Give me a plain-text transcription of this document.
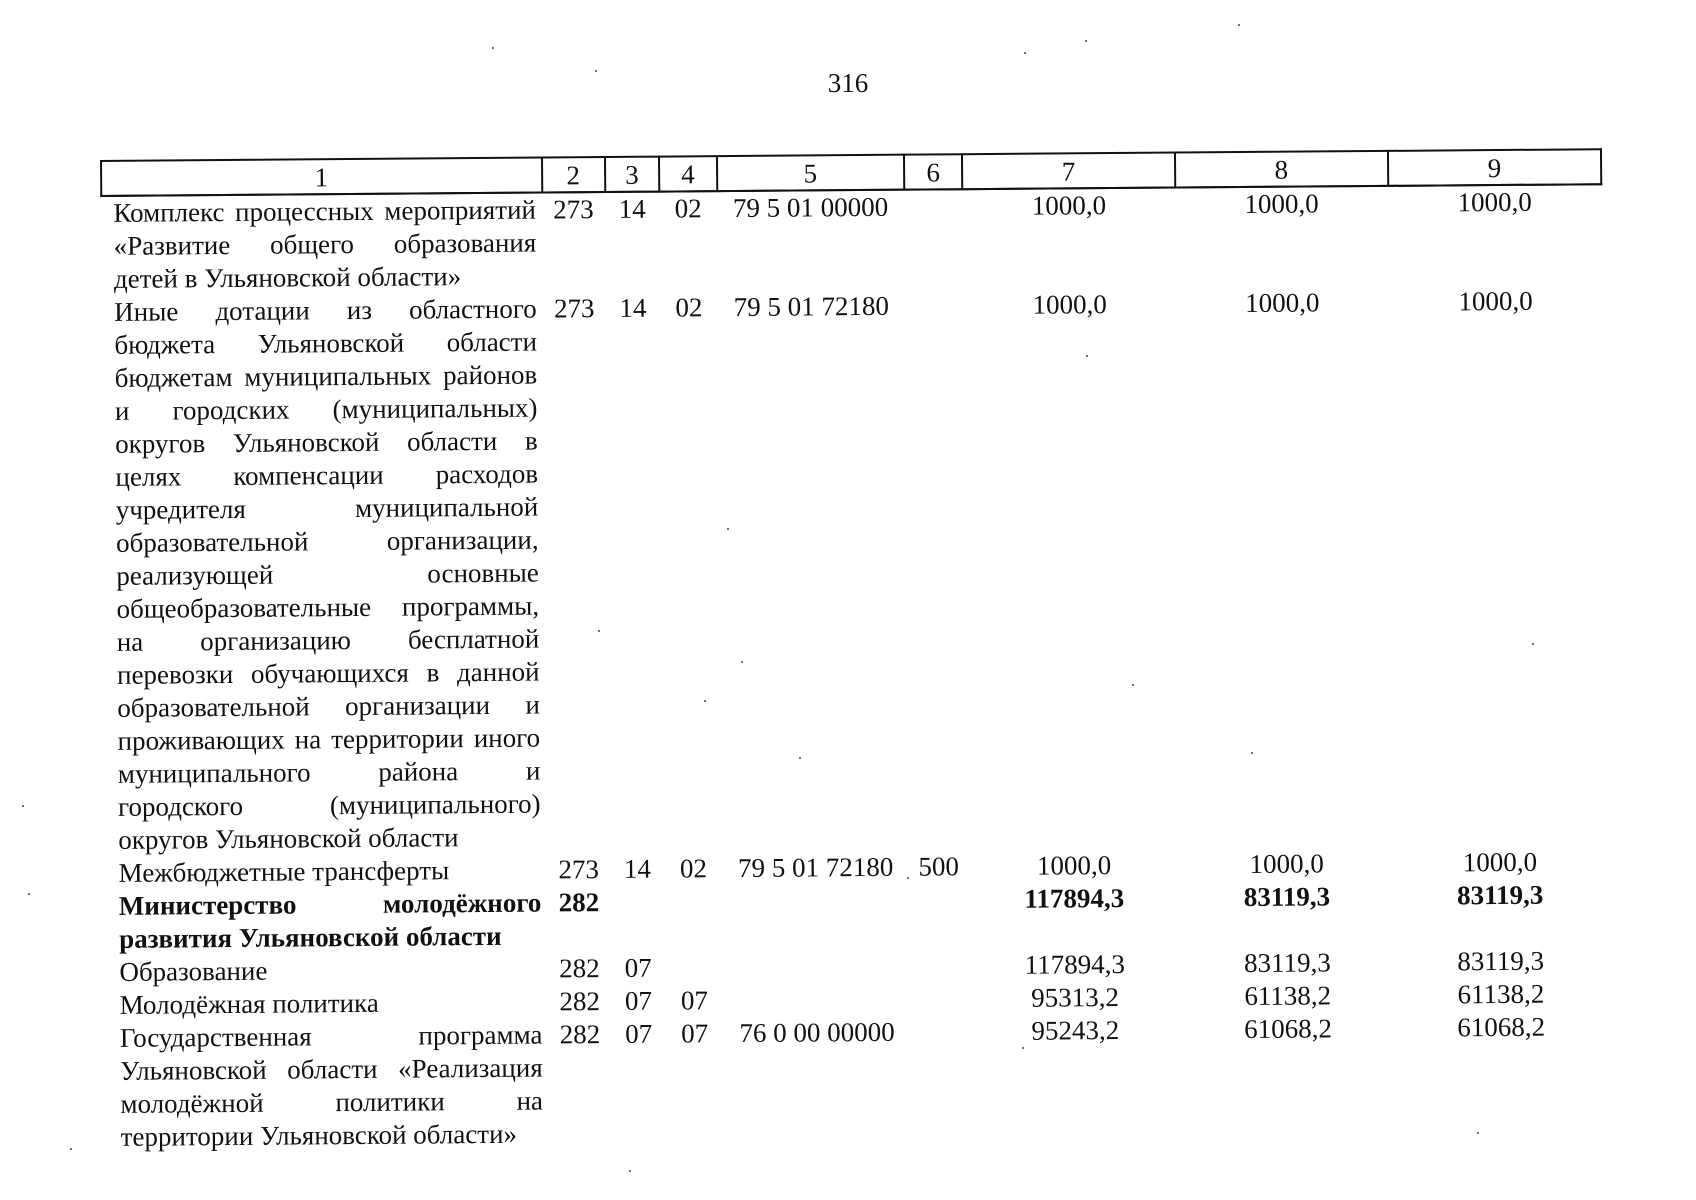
316
1	2	3	4	5	6	7	8	9
Комплекс процессных мероприятий «Развитие общего образования детей в Ульяновской области»	273	14	02	79 5 01 00000		1000,0	1000,0	1000,0
Иные дотации из областного бюджета Ульяновской области бюджетам муниципальных районов и городских (муниципальных) округов Ульяновской области в целях компенсации расходов учредителя муниципальной образовательной организации, реализующей основные общеобразовательные программы, на организацию бесплатной перевозки обучающихся в данной образовательной организации и проживающих на территории иного муниципального района и городского (муниципального) округов Ульяновской области	273	14	02	79 5 01 72180		1000,0	1000,0	1000,0
Межбюджетные трансферты	273	14	02	79 5 01 72180	500	1000,0	1000,0	1000,0
Министерство молодёжного развития Ульяновской области	282					117894,3	83119,3	83119,3
Образование	282	07				117894,3	83119,3	83119,3
Молодёжная политика	282	07	07			95313,2	61138,2	61138,2
Государственная программа Ульяновской области «Реализация молодёжной политики на территории Ульяновской области»	282	07	07	76 0 00 00000		95243,2	61068,2	61068,2
